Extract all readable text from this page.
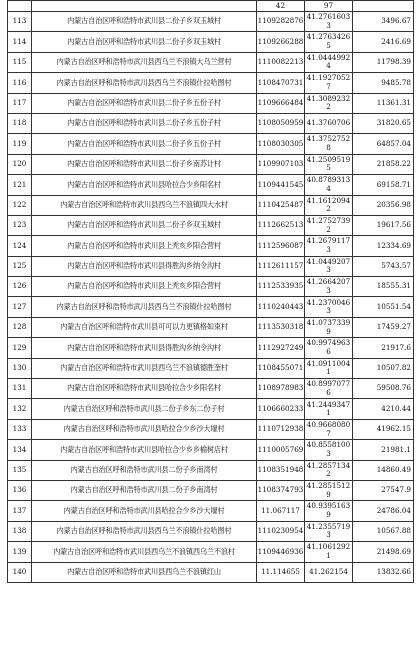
		42	97	
113	内蒙古自治区呼和浩特市武川县二份子乡双玉城村	1109282876	41.27616033	3496.67
114	内蒙古自治区呼和浩特市武川县二份子乡双玉城村	1109266288	41.27634265	2416.69
115	内蒙古自治区呼和浩特市武川县西乌兰不浪镇大乌兰营村	1110082213	41.04449924	11798.39
116	内蒙古自治区呼和浩特市武川县西乌兰不浪镇什拉哈图村	1108470731	41.19270527	9485.78
117	内蒙古自治区呼和浩特市武川县二份子乡五份子村	1109666484	41.30892322	11361.31
118	内蒙古自治区呼和浩特市武川县二份子乡五份子村	1108050959	41.3760706	31820.65
119	内蒙古自治区呼和浩特市武川县二份子乡五份子村	1108030305	41.37527528	64857.04
120	内蒙古自治区呼和浩特市武川县二份子乡南苏计村	1109907103	41.25095195	21858.22
121	内蒙古自治区呼和浩特市武川县哈拉合少乡阳名村	1109441545	40.87893134	69158.71
122	内蒙古自治区呼和浩特市武川县西乌兰不浪镇四大水村	1110425487	41.16120942	20356.98
123	内蒙古自治区呼和浩特市武川县二份子乡双玉城村	1112662513	41.27527392	19617.56
124	内蒙古自治区呼和浩特市武川县上秃亥乡阳合营村	1112596087	41.26791173	12334.69
125	内蒙古自治区呼和浩特市武川县得胜沟乡纳令沟村	1112611157	41.04492073	5743.57
126	内蒙古自治区呼和浩特市武川县上秃亥乡阳合营村	1112533935	41.26642073	18555.31
127	内蒙古自治区呼和浩特市武川县西乌兰不浪镇什拉哈图村	1110240443	41.23700463	10551.54
128	内蒙古自治区呼和浩特市武川县可可以力更镇格如束村	1113530318	41.07373399	17459.27
129	内蒙古自治区呼和浩特市武川县得胜沟乡纳令沟村	1112927249	40.99749636	21917.6
130	内蒙古自治区呼和浩特市武川县西乌兰不浪镇德胜奎村	1108455071	41.09110041	10507.82
131	内蒙古自治区呼和浩特市武川县哈拉合少乡阳名村	1108978983	40.89970776	59508.76
132	内蒙古自治区呼和浩特市武川县二份子乡东二份子村	1106660233	41.24493471	4210.44
133	内蒙古自治区呼和浩特市武川县哈拉合少乡沙大壕村	1110712938	40.96680807	41962.15
134	内蒙古自治区呼和浩特市武川县哈拉合少乡乡榆树店村	1110005769	40.85581003	21981.1
135	内蒙古自治区呼和浩特市武川县二份子乡南湾村	1108351948	41.28571342	14860.49
136	内蒙古自治区呼和浩特市武川县二份子乡南湾村	1108374793	41.28515129	27547.9
137	内蒙古自治区呼和浩特市武川县哈拉合少乡沙大壕村	11.067117	40.93951639	24786.04
138	内蒙古自治区呼和浩特市武川县西乌兰不浪镇什拉哈图村	1110230954	41.23557193	10567.88
139	内蒙古自治区呼和浩特市武川县西乌兰不浪镇西乌兰不浪村	1109446936	41.10612921	21498.69
140	内蒙古自治区呼和浩特市武川县西乌兰不浪镇红山	11.114655	41.262154	13832.66
